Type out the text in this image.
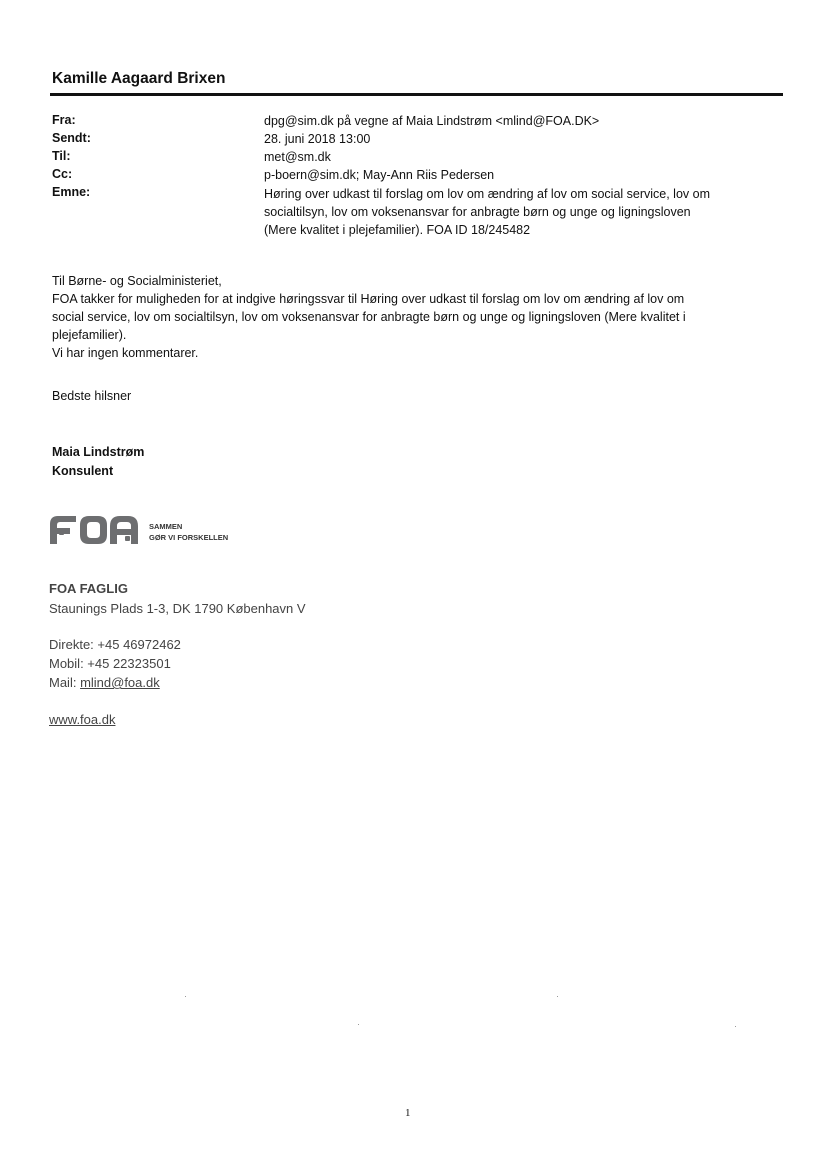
Kamille Aagaard Brixen
Fra:	dpg@sim.dk på vegne af Maia Lindstrøm <mlind@FOA.DK>
Sendt:	28. juni 2018 13:00
Til:	met@sm.dk
Cc:	p-boern@sim.dk; May-Ann Riis Pedersen
Emne:	Høring over udkast til forslag om lov om ændring af lov om social service, lov om
socialtilsyn, lov om voksenansvar for anbragte børn og unge og ligningsloven
(Mere kvalitet i plejefamilier). FOA ID 18/245482

Til Børne- og Socialministeriet,

FOA takker for muligheden for at indgive høringssvar til Høring over udkast til forslag om lov om ændring af lov om

social service, lov om socialtilsyn, lov om voksenansvar for anbragte børn og unge og ligningsloven (Mere kvalitet i

plejefamilier).

Vi har ingen kommentarer.

Bedste hilsner
Maia Lindstrøm
Konsulent
SAMMEN
GØR VI FORSKELLEN
FOA FAGLIG
Staunings Plads 1-3, DK 1790 København V
Direkte: +45 46972462
Mobil: +45 22323501
Mail: mlind@foa.dk
www.foa.dk
1
